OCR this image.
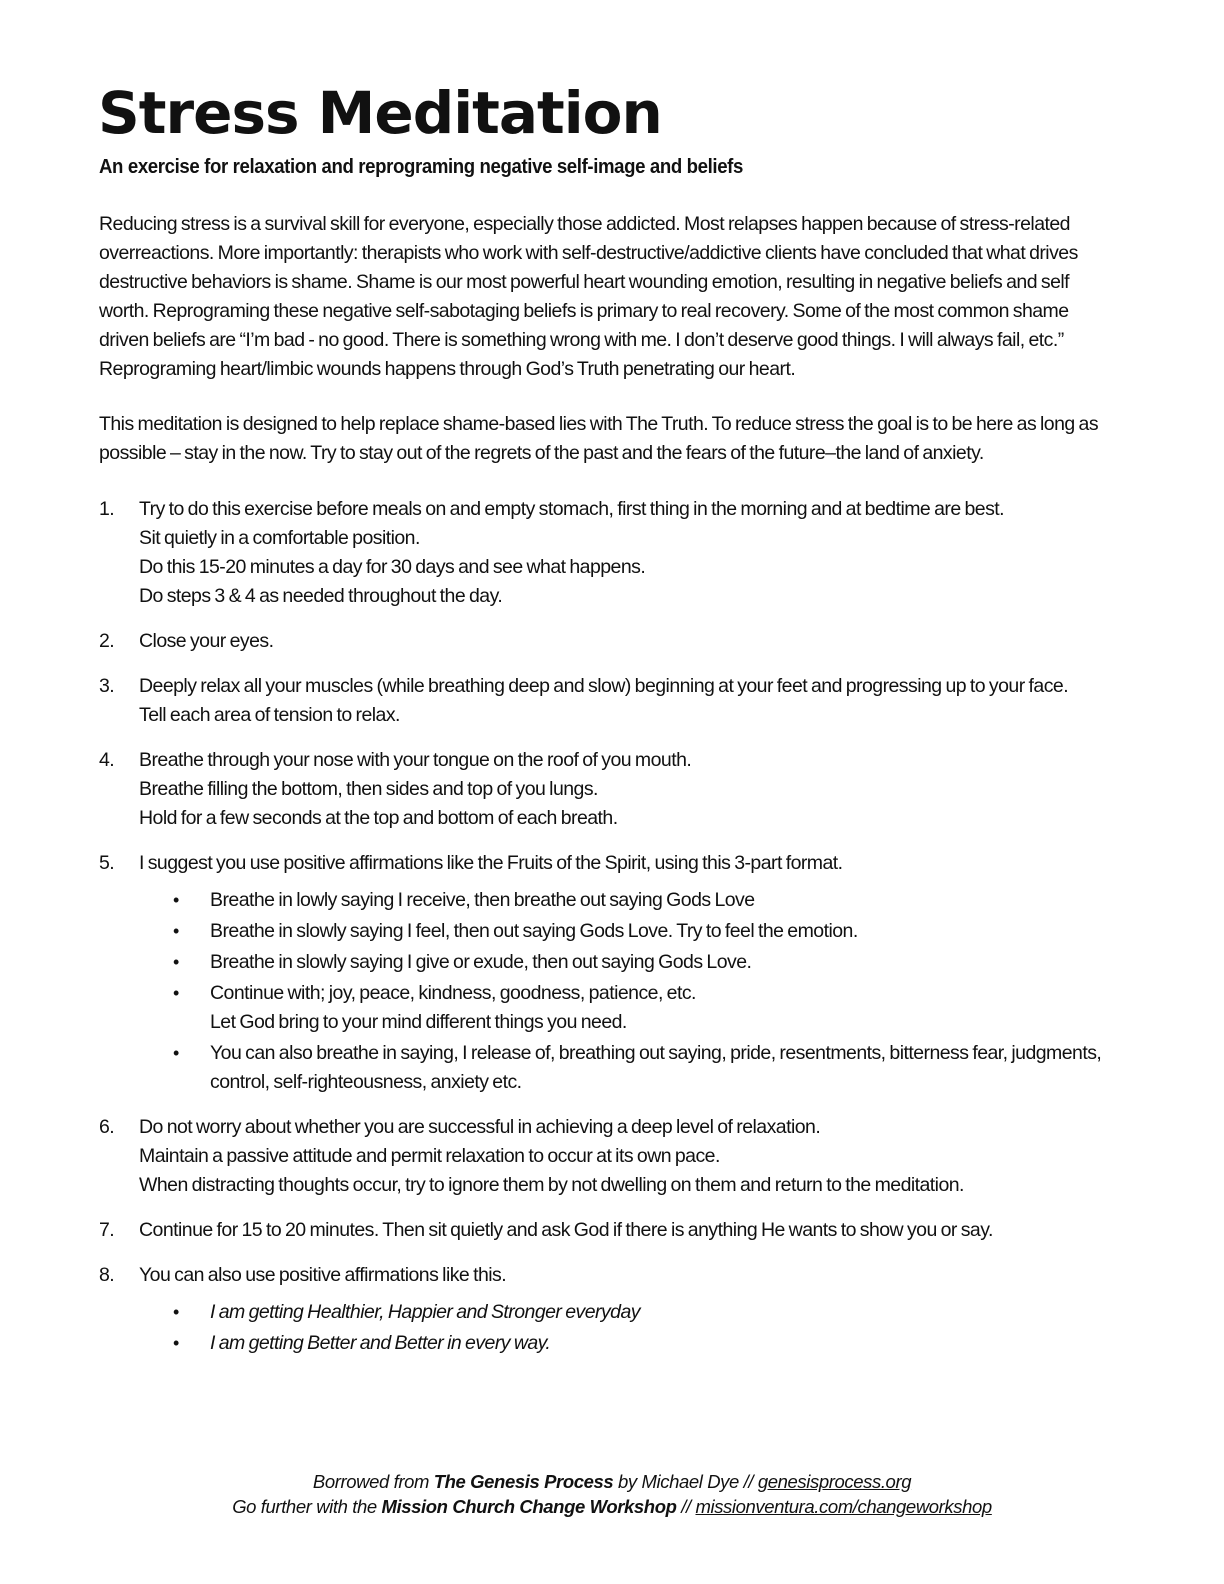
Stress Meditation
An exercise for relaxation and reprograming negative self-image and beliefs

Reducing stress is a survival skill for everyone, especially those addicted. Most relapses happen because of stress-related overreactions. More importantly: therapists who work with self-destructive/addictive clients have concluded that what drives destructive behaviors is shame. Shame is our most powerful heart wounding emotion, resulting in negative beliefs and self worth. Reprograming these negative self-sabotaging beliefs is primary to real recovery. Some of the most common shame driven beliefs are “I’m bad - no good. There is something wrong with me. I don’t deserve good things. I will always fail, etc.” Reprograming heart/limbic wounds happens through God’s Truth penetrating our heart.

This meditation is designed to help replace shame-based lies with The Truth. To reduce stress the goal is to be here as long as possible – stay in the now. Try to stay out of the regrets of the past and the fears of the future–the land of anxiety.

1. Try to do this exercise before meals on and empty stomach, first thing in the morning and at bedtime are best.
Sit quietly in a comfortable position.
Do this 15-20 minutes a day for 30 days and see what happens.
Do steps 3 & 4 as needed throughout the day.
2. Close your eyes.
3. Deeply relax all your muscles (while breathing deep and slow) beginning at your feet and progressing up to your face.
Tell each area of tension to relax.
4. Breathe through your nose with your tongue on the roof of you mouth.
Breathe filling the bottom, then sides and top of you lungs.
Hold for a few seconds at the top and bottom of each breath.
5. I suggest you use positive affirmations like the Fruits of the Spirit, using this 3-part format.
• Breathe in lowly saying I receive, then breathe out saying Gods Love
• Breathe in slowly saying I feel, then out saying Gods Love. Try to feel the emotion.
• Breathe in slowly saying I give or exude, then out saying Gods Love.
• Continue with; joy, peace, kindness, goodness, patience, etc.
Let God bring to your mind different things you need.
• You can also breathe in saying, I release of, breathing out saying, pride, resentments, bitterness fear, judgments, control, self-righteousness, anxiety etc.
6. Do not worry about whether you are successful in achieving a deep level of relaxation.
Maintain a passive attitude and permit relaxation to occur at its own pace.
When distracting thoughts occur, try to ignore them by not dwelling on them and return to the meditation.
7. Continue for 15 to 20 minutes. Then sit quietly and ask God if there is anything He wants to show you or say.
8. You can also use positive affirmations like this.
• I am getting Healthier, Happier and Stronger everyday
• I am getting Better and Better in every way.
Borrowed from The Genesis Process by Michael Dye // genesisprocess.org
Go further with the Mission Church Change Workshop // missionventura.com/changeworkshop
